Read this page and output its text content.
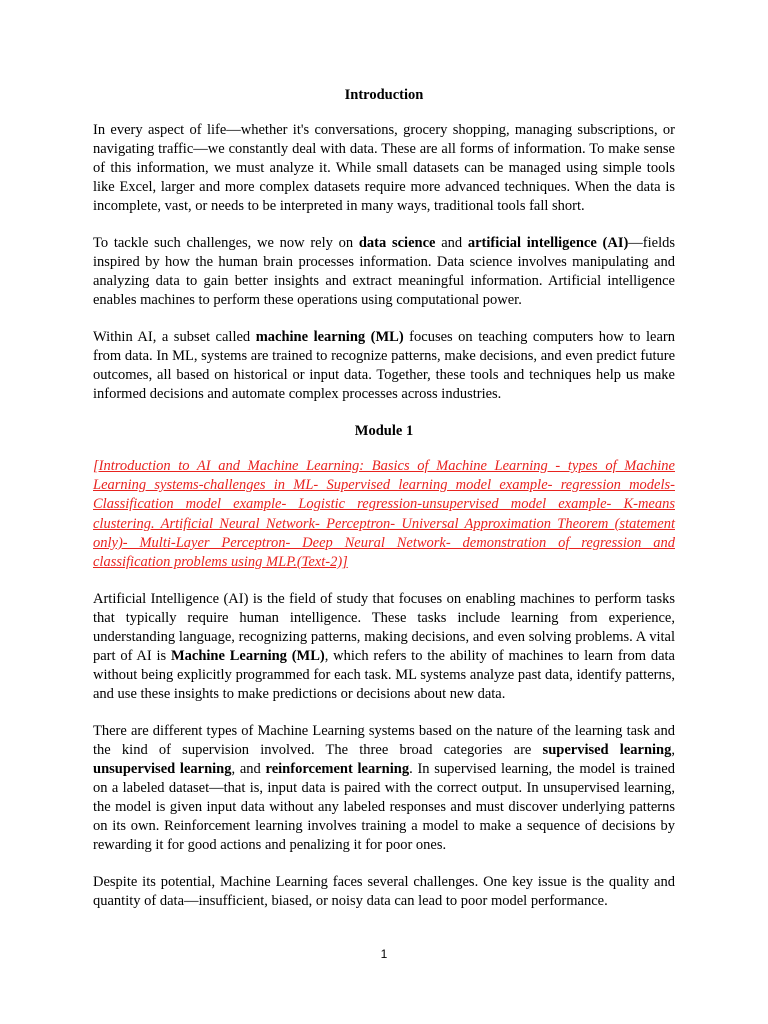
Introduction

In every aspect of life—whether it's conversations, grocery shopping, managing subscriptions, or navigating traffic—we constantly deal with data. These are all forms of information. To make sense of this information, we must analyze it. While small datasets can be managed using simple tools like Excel, larger and more complex datasets require more advanced techniques. When the data is incomplete, vast, or needs to be interpreted in many ways, traditional tools fall short.

To tackle such challenges, we now rely on data science and artificial intelligence (AI)—fields inspired by how the human brain processes information. Data science involves manipulating and analyzing data to gain better insights and extract meaningful information. Artificial intelligence enables machines to perform these operations using computational power.

Within AI, a subset called machine learning (ML) focuses on teaching computers how to learn from data. In ML, systems are trained to recognize patterns, make decisions, and even predict future outcomes, all based on historical or input data. Together, these tools and techniques help us make informed decisions and automate complex processes across industries.

Module 1

[Introduction to AI and Machine Learning: Basics of Machine Learning - types of Machine Learning systems-challenges in ML- Supervised learning model example- regression models- Classification model example- Logistic regression-unsupervised model example- K-means clustering. Artificial Neural Network- Perceptron- Universal Approximation Theorem (statement only)- Multi-Layer Perceptron- Deep Neural Network- demonstration of regression and classification problems using MLP.(Text-2)]

Artificial Intelligence (AI) is the field of study that focuses on enabling machines to perform tasks that typically require human intelligence. These tasks include learning from experience, understanding language, recognizing patterns, making decisions, and even solving problems. A vital part of AI is Machine Learning (ML), which refers to the ability of machines to learn from data without being explicitly programmed for each task. ML systems analyze past data, identify patterns, and use these insights to make predictions or decisions about new data.

There are different types of Machine Learning systems based on the nature of the learning task and the kind of supervision involved. The three broad categories are supervised learning, unsupervised learning, and reinforcement learning. In supervised learning, the model is trained on a labeled dataset—that is, input data is paired with the correct output. In unsupervised learning, the model is given input data without any labeled responses and must discover underlying patterns on its own. Reinforcement learning involves training a model to make a sequence of decisions by rewarding it for good actions and penalizing it for poor ones.

Despite its potential, Machine Learning faces several challenges. One key issue is the quality and quantity of data—insufficient, biased, or noisy data can lead to poor model performance.

1
